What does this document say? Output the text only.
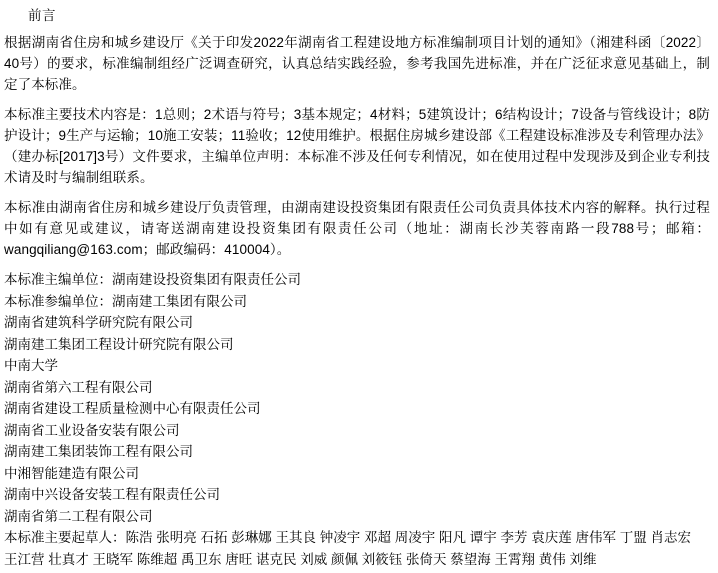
前言

根据湖南省住房和城乡建设厅《关于印发2022年湖南省工程建设地方标准编制项目计划的通知》（湘建科函〔2022〕40号）的要求，标准编制组经广泛调查研究，认真总结实践经验，参考我国先进标准，并在广泛征求意见基础上，制定了本标准。

本标准主要技术内容是：1总则；2术语与符号；3基本规定；4材料；5建筑设计；6结构设计；7设备与管线设计；8防护设计；9生产与运输；10施工安装；11验收；12使用维护。根据住房城乡建设部《工程建设标准涉及专利管理办法》（建办标[2017]3号）文件要求，主编单位声明：本标准不涉及任何专利情况，如在使用过程中发现涉及到企业专利技术请及时与编制组联系。

本标准由湖南省住房和城乡建设厅负责管理，由湖南建设投资集团有限责任公司负责具体技术内容的解释。执行过程中如有意见或建议，请寄送湖南建设投资集团有限责任公司（地址：湖南长沙芙蓉南路一段788号；邮箱：wangqiliang@163.com；邮政编码：410004）。

本标准主编单位：湖南建设投资集团有限责任公司
本标准参编单位：湖南建工集团有限公司
湖南省建筑科学研究院有限公司
湖南建工集团工程设计研究院有限公司
中南大学
湖南省第六工程有限公司
湖南省建设工程质量检测中心有限责任公司
湖南省工业设备安装有限公司
湖南建工集团装饰工程有限公司
中湘智能建造有限公司
湖南中兴设备安装工程有限责任公司
湖南省第二工程有限公司
本标准主要起草人：陈浩 张明亮 石拓 彭琳娜 王其良 钟凌宇 邓超 周凌宇 阳凡 谭宇 李芳 袁庆莲 唐伟军 丁盟 肖志宏
王江营 壮真才 王晓军 陈维超 禹卫东 唐旺 谌克民 刘威 颜佩 刘筱钰 张倚天 蔡望海 王霄翔 黄伟 刘维
